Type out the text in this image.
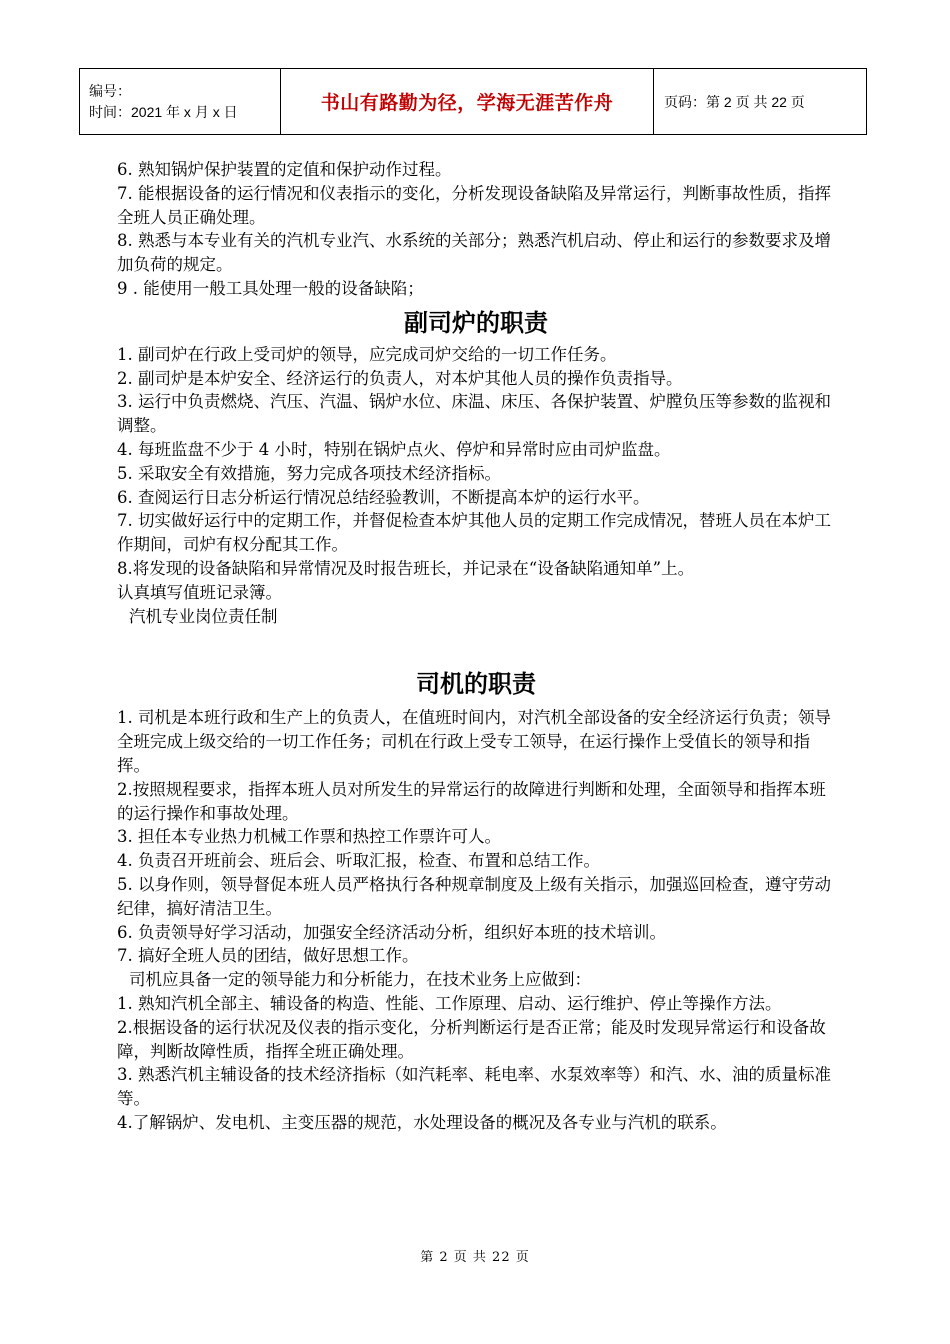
编号：
时间：2021 年 x 月 x 日	书山有路勤为径，学海无涯苦作舟	页码：第 2 页 共 22 页

6. 熟知锅炉保护装置的定值和保护动作过程。

7. 能根据设备的运行情况和仪表指示的变化，分析发现设备缺陷及异常运行，判断事故性质，指挥全班人员正确处理。

8. 熟悉与本专业有关的汽机专业汽、水系统的关部分；熟悉汽机启动、停止和运行的参数要求及增加负荷的规定。

9 . 能使用一般工具处理一般的设备缺陷；

副司炉的职责

1. 副司炉在行政上受司炉的领导，应完成司炉交给的一切工作任务。

2. 副司炉是本炉安全、经济运行的负责人，对本炉其他人员的操作负责指导。

3. 运行中负责燃烧、汽压、汽温、锅炉水位、床温、床压、各保护装置、炉膛负压等参数的监视和调整。

4. 每班监盘不少于 4 小时，特别在锅炉点火、停炉和异常时应由司炉监盘。

5. 采取安全有效措施，努力完成各项技术经济指标。

6. 查阅运行日志分析运行情况总结经验教训，不断提高本炉的运行水平。

7. 切实做好运行中的定期工作，并督促检查本炉其他人员的定期工作完成情况，替班人员在本炉工作期间，司炉有权分配其工作。

8.将发现的设备缺陷和异常情况及时报告班长，并记录在“设备缺陷通知单”上。

认真填写值班记录簿。

汽机专业岗位责任制

司机的职责

1. 司机是本班行政和生产上的负责人，在值班时间内，对汽机全部设备的安全经济运行负责；领导全班完成上级交给的一切工作任务；司机在行政上受专工领导，在运行操作上受值长的领导和指挥。

2.按照规程要求，指挥本班人员对所发生的异常运行的故障进行判断和处理，全面领导和指挥本班的运行操作和事故处理。

3. 担任本专业热力机械工作票和热控工作票许可人。

4. 负责召开班前会、班后会、听取汇报，检查、布置和总结工作。

5. 以身作则，领导督促本班人员严格执行各种规章制度及上级有关指示，加强巡回检查，遵守劳动纪律，搞好清洁卫生。

6. 负责领导好学习活动，加强安全经济活动分析，组织好本班的技术培训。

7. 搞好全班人员的团结，做好思想工作。

司机应具备一定的领导能力和分析能力，在技术业务上应做到：

1. 熟知汽机全部主、辅设备的构造、性能、工作原理、启动、运行维护、停止等操作方法。

2.根据设备的运行状况及仪表的指示变化，分析判断运行是否正常；能及时发现异常运行和设备故障，判断故障性质，指挥全班正确处理。

3. 熟悉汽机主辅设备的技术经济指标（如汽耗率、耗电率、水泵效率等）和汽、水、油的质量标准等。

4.了解锅炉、发电机、主变压器的规范，水处理设备的概况及各专业与汽机的联系。

第 2 页 共 22 页
